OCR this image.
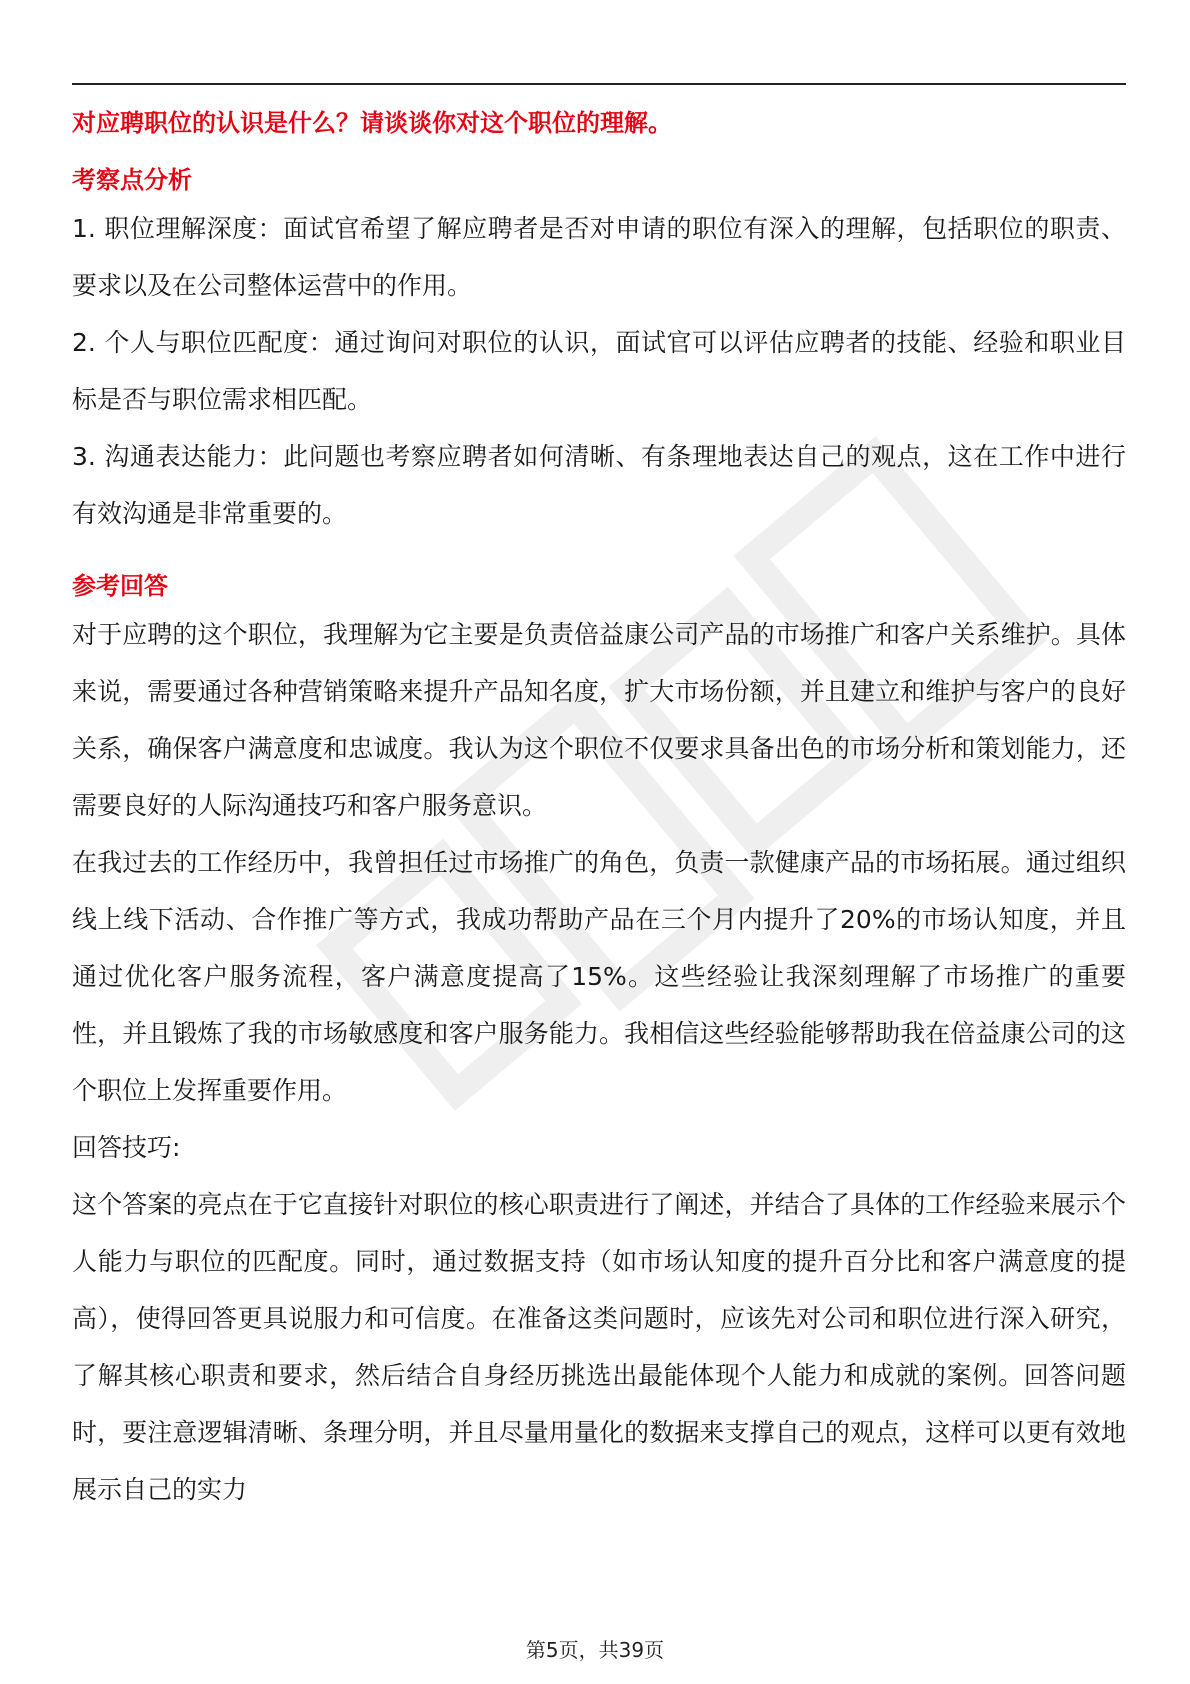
对应聘职位的认识是什么？请谈谈你对这个职位的理解。
考察点分析

1. 职位理解深度：面试官希望了解应聘者是否对申请的职位有深入的理解，包括职位的职责、要求以及在公司整体运营中的作用。

2. 个人与职位匹配度：通过询问对职位的认识，面试官可以评估应聘者的技能、经验和职业目标是否与职位需求相匹配。

3. 沟通表达能力：此问题也考察应聘者如何清晰、有条理地表达自己的观点，这在工作中进行有效沟通是非常重要的。

参考回答

对于应聘的这个职位，我理解为它主要是负责倍益康公司产品的市场推广和客户关系维护。具体来说，需要通过各种营销策略来提升产品知名度，扩大市场份额，并且建立和维护与客户的良好关系，确保客户满意度和忠诚度。我认为这个职位不仅要求具备出色的市场分析和策划能力，还需要良好的人际沟通技巧和客户服务意识。

在我过去的工作经历中，我曾担任过市场推广的角色，负责一款健康产品的市场拓展。通过组织线上线下活动、合作推广等方式，我成功帮助产品在三个月内提升了20%的市场认知度，并且通过优化客户服务流程，客户满意度提高了15%。这些经验让我深刻理解了市场推广的重要性，并且锻炼了我的市场敏感度和客户服务能力。我相信这些经验能够帮助我在倍益康公司的这个职位上发挥重要作用。

回答技巧:

这个答案的亮点在于它直接针对职位的核心职责进行了阐述，并结合了具体的工作经验来展示个人能力与职位的匹配度。同时，通过数据支持（如市场认知度的提升百分比和客户满意度的提高），使得回答更具说服力和可信度。在准备这类问题时，应该先对公司和职位进行深入研究，了解其核心职责和要求，然后结合自身经历挑选出最能体现个人能力和成就的案例。回答问题时，要注意逻辑清晰、条理分明，并且尽量用量化的数据来支撑自己的观点，这样可以更有效地展示自己的实力

第5页，共39页
